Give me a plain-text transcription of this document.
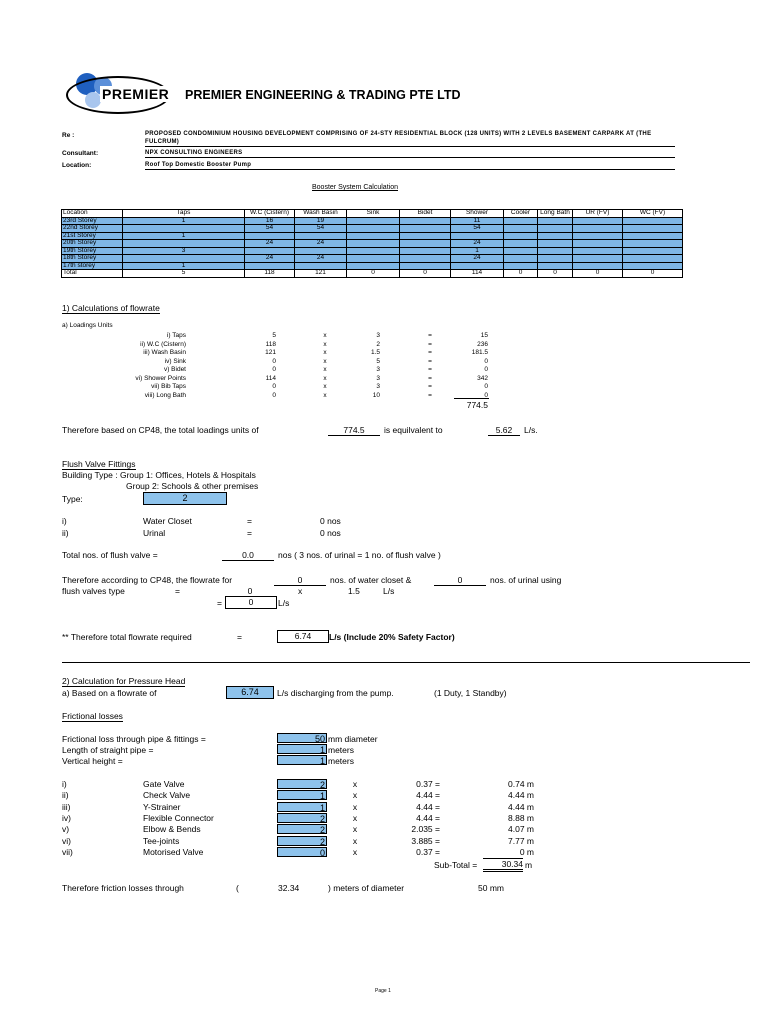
PREMIER PREMIER ENGINEERING & TRADING PTE LTD
Re :	PROPOSED CONDOMINIUM HOUSING DEVELOPMENT COMPRISING OF 24-STY RESIDENTIAL BLOCK (128 UNITS) WITH 2 LEVELS BASEMENT CARPARK AT (THE FULCRUM)
Consultant:	NPX CONSULTING ENGINEERS
Location:	Roof Top Domestic Booster Pump
Booster System Calculation
Location	Taps	W.C (Cistern)	Wash Basin	Sink	Bidet	Shower	Cooler	Long Bath	UR (FV)	WC (FV)
23rd Storey	1	16	19			11				
22nd Storey		54	54			54				
21st Storey	1									
20th Storey		24	24			24				
19th Storey	3					1				
18th Storey		24	24			24				
17th storey	1									
Total	5	118	121	0	0	114	0	0	0	0
1) Calculations of flowrate
a) Loadings Units
i) Taps	5	x	3	=	15
ii) W.C (Cistern)	118	x	2	=	236
iii) Wash Basin	121	x	1.5	=	181.5
iv) Sink	0	x	5	=	0
v) Bidet	0	x	3	=	0
vi) Shower Points	114	x	3	=	342
vii) Bib Taps	0	x	3	=	0
viii) Long Bath	0	x	10	=	0
774.5
Therefore based on CP48, the total loadings units of	774.5	is equilvalent to	5.62	L/s.
Flush Valve Fittings
Building Type : Group 1: Offices, Hotels & Hospitals
Group 2: Schools & other premises
Type:	2
i)	Water Closet	=	0 nos
ii)	Urinal	=	0 nos
Total nos. of flush valve =	0.0	nos ( 3 nos. of urinal = 1 no. of flush valve )
Therefore according to CP48, the flowrate for	0	nos. of water closet &	0	nos. of urinal using
flush valves type	=	0	x	1.5	L/s
=	0	L/s
** Therefore total flowrate required	=	6.74	L/s (Include 20% Safety Factor)
2) Calculation for Pressure Head
a) Based on a flowrate of	6.74	L/s discharging from the pump.	(1 Duty, 1 Standby)
Frictional losses
Frictional loss through pipe & fittings =	50 mm diameter
Length of straight pipe =	1 meters
Vertical height =	1 meters
i)	Gate Valve	2	x	0.37 =	0.74 m
ii)	Check Valve	1	x	4.44 =	4.44 m
iii)	Y-Strainer	1	x	4.44 =	4.44 m
iv)	Flexible Connector	2	x	4.44 =	8.88 m
v)	Elbow & Bends	2	x	2.035 =	4.07 m
vi)	Tee-joints	2	x	3.885 =	7.77 m
vii)	Motorised Valve	0	x	0.37 =	0 m
Sub-Total =	30.34 m
Therefore friction losses through	(	32.34	) meters of diameter	50 mm
Page 1
